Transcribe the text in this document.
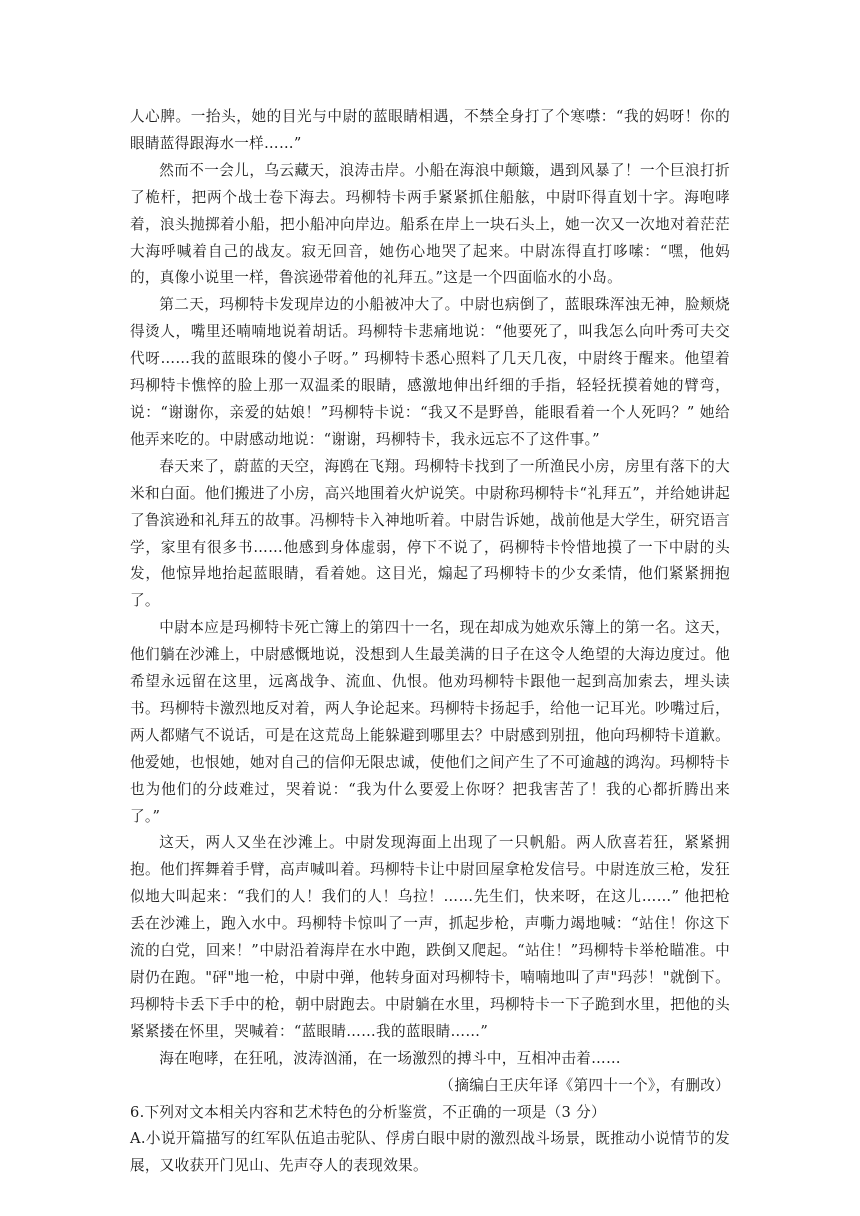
人心脾。一抬头，她的目光与中尉的蓝眼睛相遇，不禁全身打了个寒噤：“我的妈呀！你的眼睛蓝得跟海水一样……”

然而不一会儿，乌云藏天，浪涛击岸。小船在海浪中颠簸，遇到风暴了！一个巨浪打折了桅杆，把两个战士卷下海去。玛柳特卡两手紧紧抓住船舷，中尉吓得直划十字。海咆哮着，浪头抛掷着小船，把小船冲向岸边。船系在岸上一块石头上，她一次又一次地对着茫茫大海呼喊着自己的战友。寂无回音，她伤心地哭了起来。中尉冻得直打哆嗦：“嘿，他妈的，真像小说里一样，鲁滨逊带着他的礼拜五。”这是一个四面临水的小岛。

第二天，玛柳特卡发现岸边的小船被冲大了。中尉也病倒了，蓝眼珠浑浊无神，脸颊烧得烫人，嘴里还喃喃地说着胡话。玛柳特卡悲痛地说：“他要死了，叫我怎么向叶秀可夫交代呀……我的蓝眼珠的傻小子呀。” 玛柳特卡悉心照料了几天几夜，中尉终于醒来。他望着玛柳特卡憔悴的脸上那一双温柔的眼睛，感激地伸出纤细的手指，轻轻抚摸着她的臂弯，说：“谢谢你，亲爱的姑娘！”玛柳特卡说：“我又不是野兽，能眼看着一个人死吗？” 她给他弄来吃的。中尉感动地说：“谢谢，玛柳特卡，我永远忘不了这件事。”

春天来了，蔚蓝的天空，海鸥在飞翔。玛柳特卡找到了一所渔民小房，房里有落下的大米和白面。他们搬进了小房，高兴地围着火炉说笑。中尉称玛柳特卡“礼拜五”，并给她讲起了鲁滨逊和礼拜五的故事。冯柳特卡入神地听着。中尉告诉她，战前他是大学生，研究语言学，家里有很多书……他感到身体虚弱，停下不说了，码柳特卡怜惜地摸了一下中尉的头发，他惊异地抬起蓝眼睛，看着她。这目光，煽起了玛柳特卡的少女柔情，他们紧紧拥抱了。

中尉本应是玛柳特卡死亡簿上的第四十一名，现在却成为她欢乐簿上的第一名。这天，他们躺在沙滩上，中尉感慨地说，没想到人生最美满的日子在这令人绝望的大海边度过。他希望永远留在这里，远离战争、流血、仇恨。他劝玛柳特卡跟他一起到高加索去，埋头读书。玛柳特卡激烈地反对着，两人争论起来。玛柳特卡扬起手，给他一记耳光。吵嘴过后，两人都赌气不说话，可是在这荒岛上能躲避到哪里去？中尉感到别扭，他向玛柳特卡道歉。他爱她，也恨她，她对自己的信仰无限忠诚，使他们之间产生了不可逾越的鸿沟。玛柳特卡也为他们的分歧难过，哭着说：“我为什么要爱上你呀？把我害苦了！我的心都折腾出来了。”

这天，两人又坐在沙滩上。中尉发现海面上出现了一只帆船。两人欣喜若狂，紧紧拥抱。他们挥舞着手臂，高声喊叫着。玛柳特卡让中尉回屋拿枪发信号。中尉连放三枪，发狂似地大叫起来：“我们的人！我们的人！乌拉！……先生们，快来呀，在这儿……” 他把枪丢在沙滩上，跑入水中。玛柳特卡惊叫了一声，抓起步枪，声嘶力竭地喊：“站住！你这下流的白党，回来！”中尉沿着海岸在水中跑，跌倒又爬起。“站住！”玛柳特卡举枪瞄准。中尉仍在跑。"砰"地一枪，中尉中弹，他转身面对玛柳特卡，喃喃地叫了声"玛莎！"就倒下。玛柳特卡丢下手中的枪，朝中尉跑去。中尉躺在水里，玛柳特卡一下子跪到水里，把他的头紧紧搂在怀里，哭喊着：“蓝眼睛……我的蓝眼睛……”

海在咆哮，在狂吼，波涛汹涌，在一场激烈的搏斗中，互相冲击着……

（摘编白王庆年译《第四十一个》，有删改）

6.下列对文本相关内容和艺术特色的分析鉴赏，不正确的一项是（3 分）

A.小说开篇描写的红军队伍追击驼队、俘虏白眼中尉的激烈战斗场景，既推动小说情节的发展，又收获开门见山、先声夺人的表现效果。
